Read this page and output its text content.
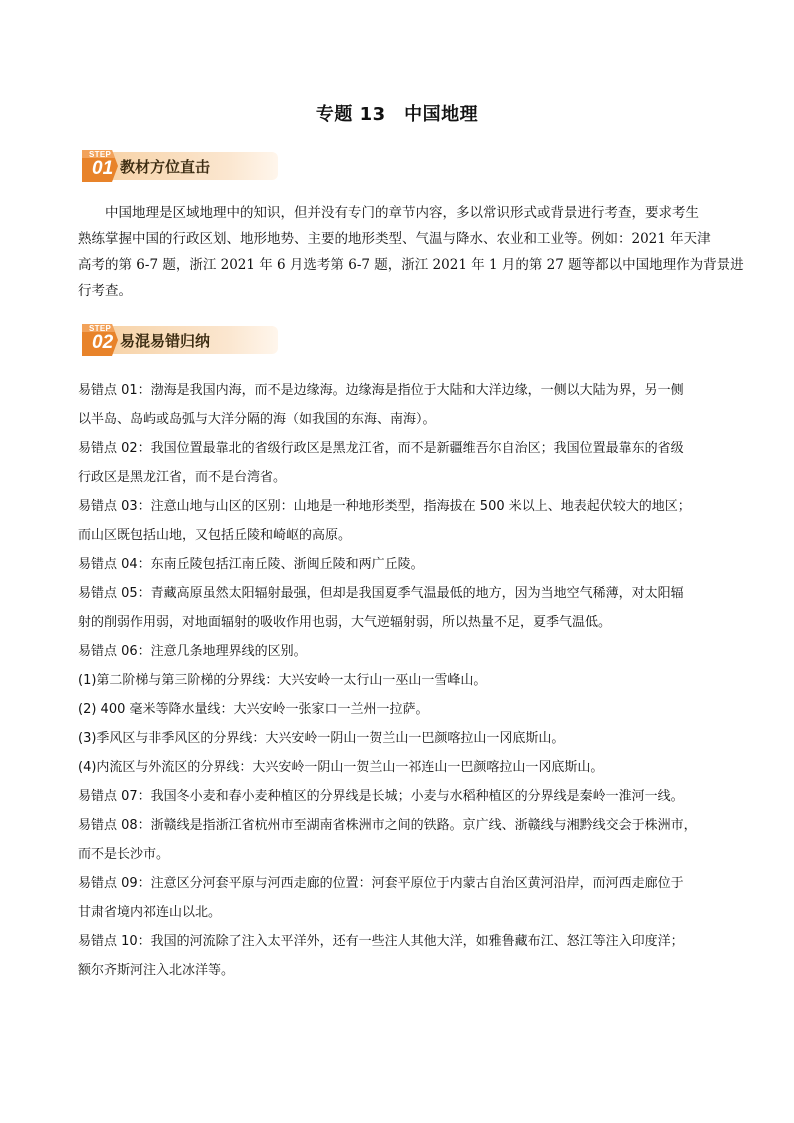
专题 13　中国地理
STEP
01 教材方位直击
中国地理是区域地理中的知识，但并没有专门的章节内容，多以常识形式或背景进行考查，要求考生
熟练掌握中国的行政区划、地形地势、主要的地形类型、气温与降水、农业和工业等。例如：2021 年天津
高考的第 6-7 题，浙江 2021 年 6 月选考第 6-7 题，浙江 2021 年 1 月的第 27 题等都以中国地理作为背景进
行考查。
STEP
02 易混易错归纳
易错点 01：渤海是我国内海，而不是边缘海。边缘海是指位于大陆和大洋边缘，一侧以大陆为界，另一侧
以半岛、岛屿或岛弧与大洋分隔的海（如我国的东海、南海）。
易错点 02：我国位置最靠北的省级行政区是黑龙江省，而不是新疆维吾尔自治区；我国位置最靠东的省级
行政区是黑龙江省，而不是台湾省。
易错点 03：注意山地与山区的区别：山地是一种地形类型，指海拔在 500 米以上、地表起伏较大的地区；
而山区既包括山地，又包括丘陵和崎岖的高原。
易错点 04：东南丘陵包括江南丘陵、浙闽丘陵和两广丘陵。
易错点 05：青藏高原虽然太阳辐射最强，但却是我国夏季气温最低的地方，因为当地空气稀薄，对太阳辐
射的削弱作用弱，对地面辐射的吸收作用也弱，大气逆辐射弱，所以热量不足，夏季气温低。
易错点 06：注意几条地理界线的区别。
(1)第二阶梯与第三阶梯的分界线：大兴安岭一太行山一巫山一雪峰山。
(2) 400 毫米等降水量线：大兴安岭一张家口一兰州一拉萨。
(3)季风区与非季风区的分界线：大兴安岭一阴山一贺兰山一巴颜喀拉山一冈底斯山。
(4)内流区与外流区的分界线：大兴安岭一阴山一贺兰山一祁连山一巴颜喀拉山一冈底斯山。
易错点 07：我国冬小麦和春小麦种植区的分界线是长城；小麦与水稻种植区的分界线是秦岭一淮河一线。
易错点 08：浙赣线是指浙江省杭州市至湖南省株洲市之间的铁路。京广线、浙赣线与湘黔线交会于株洲市，
而不是长沙市。
易错点 09：注意区分河套平原与河西走廊的位置：河套平原位于内蒙古自治区黄河沿岸，而河西走廊位于
甘肃省境内祁连山以北。
易错点 10：我国的河流除了注入太平洋外，还有一些注人其他大洋，如雅鲁藏布江、怒江等注入印度洋；
额尔齐斯河注入北冰洋等。
